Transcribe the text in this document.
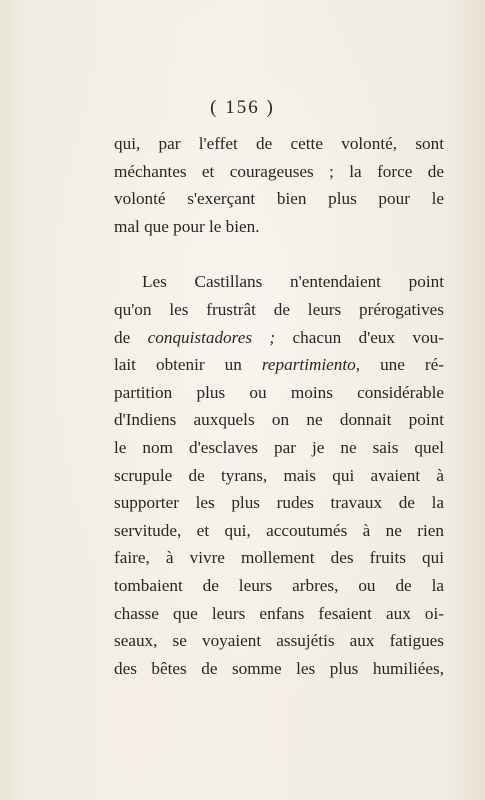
( 156 )
qui, par l'effet de cette volonté, sont
méchantes et courageuses ; la force de
volonté s'exerçant bien plus pour le
mal que pour le bien.
Les Castillans n'entendaient point
qu'on les frustrât de leurs prérogatives
de conquistadores ; chacun d'eux vou-
lait obtenir un repartimiento, une ré-
partition plus ou moins considérable
d'Indiens auxquels on ne donnait point
le nom d'esclaves par je ne sais quel
scrupule de tyrans, mais qui avaient à
supporter les plus rudes travaux de la
servitude, et qui, accoutumés à ne rien
faire, à vivre mollement des fruits qui
tombaient de leurs arbres, ou de la
chasse que leurs enfans fesaient aux oi-
seaux, se voyaient assujétis aux fatigues
des bêtes de somme les plus humiliées,
